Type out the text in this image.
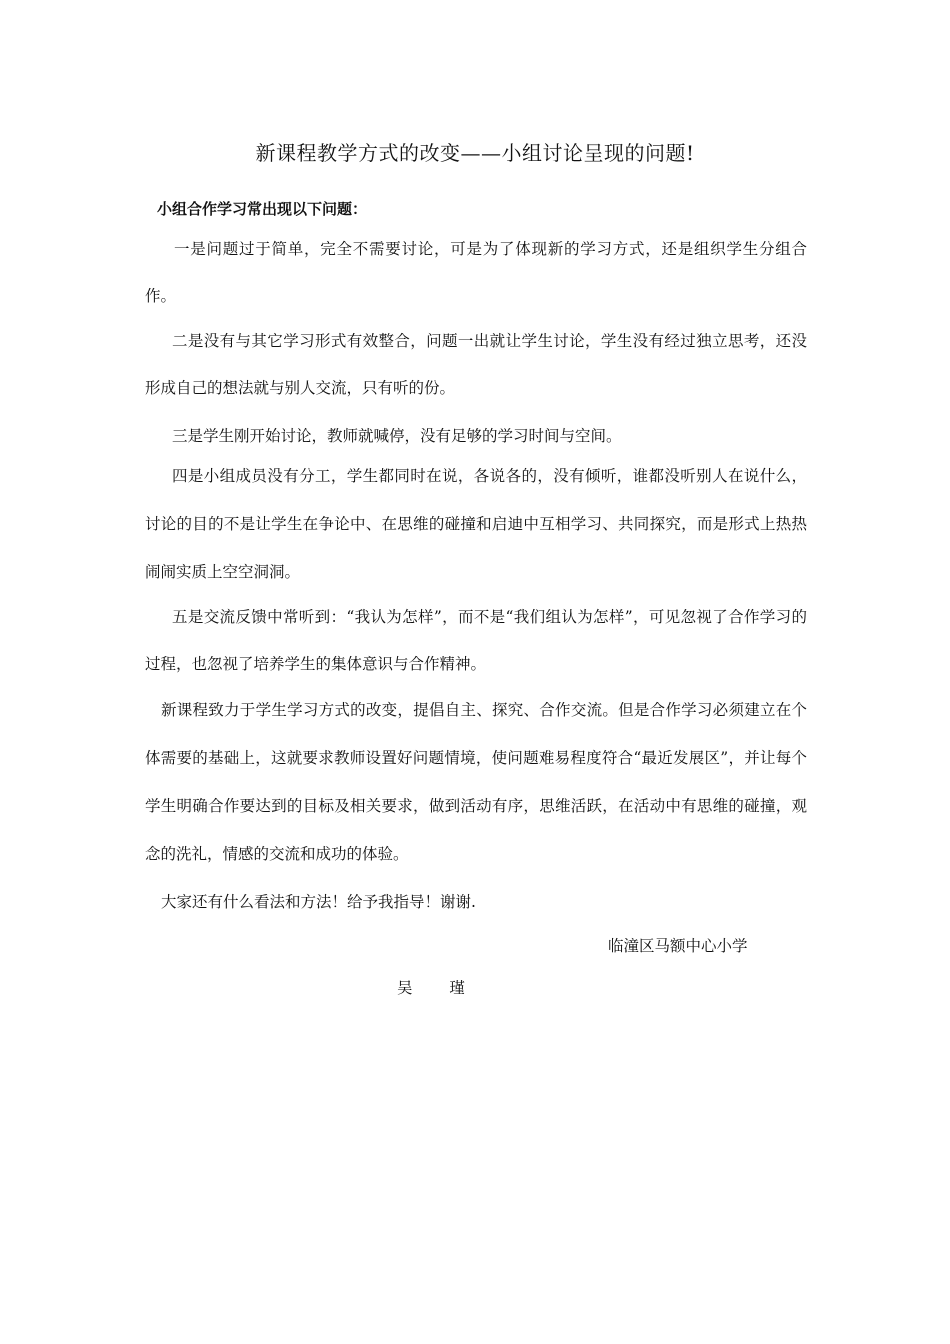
新课程教学方式的改变——小组讨论呈现的问题!
小组合作学习常出现以下问题：

一是问题过于简单，完全不需要讨论，可是为了体现新的学习方式，还是组织学生分组合作。

二是没有与其它学习形式有效整合，问题一出就让学生讨论，学生没有经过独立思考，还没形成自己的想法就与别人交流，只有听的份。

三是学生刚开始讨论，教师就喊停，没有足够的学习时间与空间。

四是小组成员没有分工，学生都同时在说，各说各的，没有倾听，谁都没听别人在说什么，讨论的目的不是让学生在争论中、在思维的碰撞和启迪中互相学习、共同探究，而是形式上热热闹闹实质上空空洞洞。

五是交流反馈中常听到：“我认为怎样”，而不是“我们组认为怎样”，可见忽视了合作学习的过程，也忽视了培养学生的集体意识与合作精神。

新课程致力于学生学习方式的改变，提倡自主、探究、合作交流。但是合作学习必须建立在个体需要的基础上，这就要求教师设置好问题情境，使问题难易程度符合“最近发展区”，并让每个学生明确合作要达到的目标及相关要求，做到活动有序，思维活跃，在活动中有思维的碰撞，观念的洗礼，情感的交流和成功的体验。

大家还有什么看法和方法！给予我指导！谢谢.

临潼区马额中心小学
吴 瑾
